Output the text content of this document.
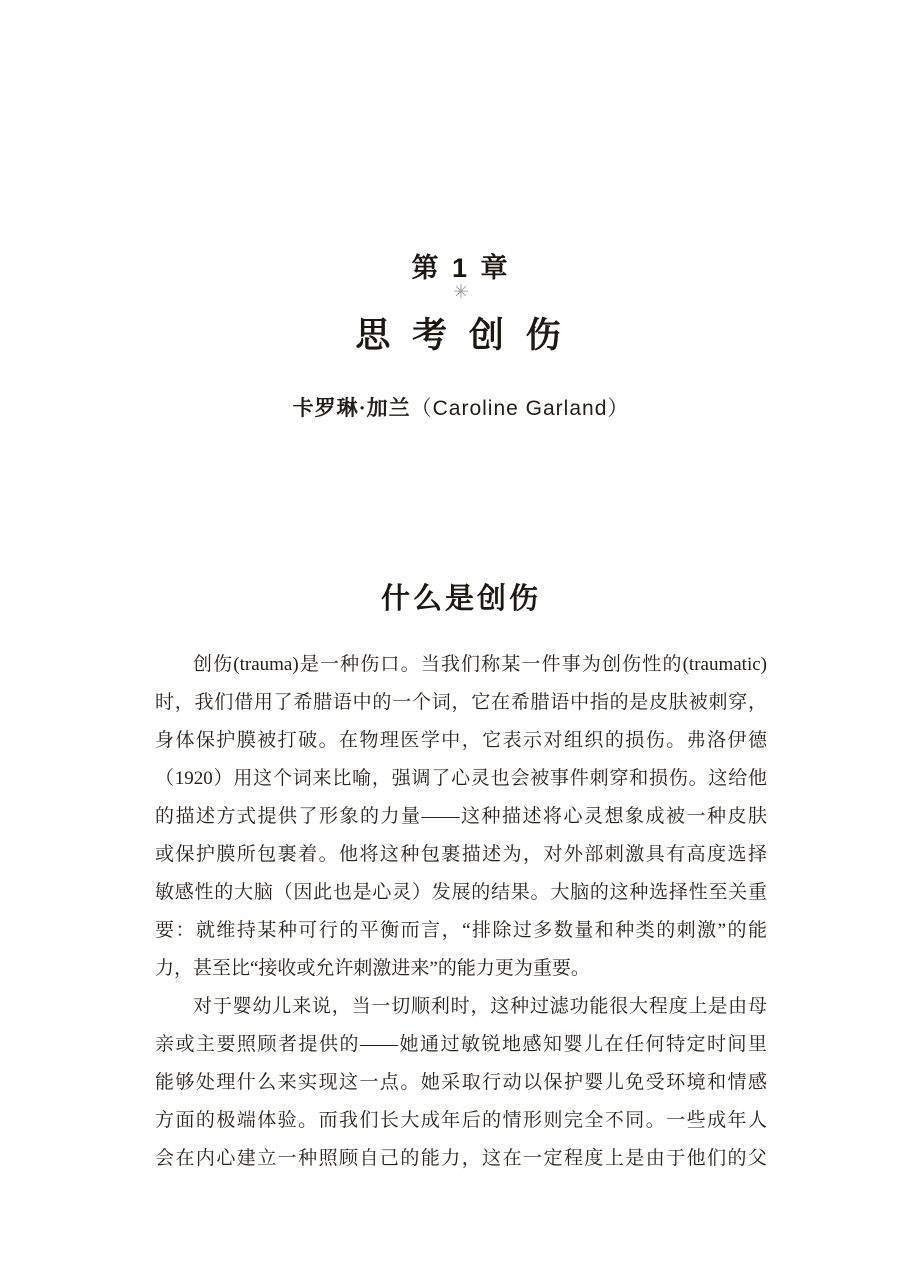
第 1 章
✳︎
思 考 创 伤
卡罗琳·加兰（Caroline Garland）
什么是创伤
创伤(trauma)是一种伤口。当我们称某一件事为创伤性的(traumatic)
时，我们借用了希腊语中的一个词，它在希腊语中指的是皮肤被刺穿，
身体保护膜被打破。在物理医学中，它表示对组织的损伤。弗洛伊德
（1920）用这个词来比喻，强调了心灵也会被事件刺穿和损伤。这给他
的描述方式提供了形象的力量——这种描述将心灵想象成被一种皮肤
或保护膜所包裹着。他将这种包裹描述为，对外部刺激具有高度选择
敏感性的大脑（因此也是心灵）发展的结果。大脑的这种选择性至关重
要：就维持某种可行的平衡而言，“排除过多数量和种类的刺激”的能
力，甚至比“接收或允许刺激进来”的能力更为重要。
对于婴幼儿来说，当一切顺利时，这种过滤功能很大程度上是由母
亲或主要照顾者提供的——她通过敏锐地感知婴儿在任何特定时间里
能够处理什么来实现这一点。她采取行动以保护婴儿免受环境和情感
方面的极端体验。而我们长大成年后的情形则完全不同。一些成年人
会在内心建立一种照顾自己的能力，这在一定程度上是由于他们的父
